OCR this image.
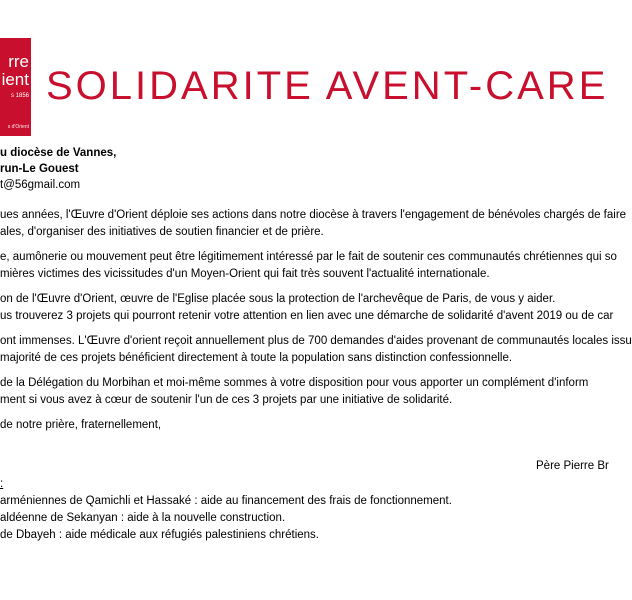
rre
ient
s 1856
s d'Orient
SOLIDARITE AVENT-CARE
u diocèse de Vannes,
run-Le Gouest
t@56gmail.com
ues années, l'Œuvre d'Orient déploie ses actions dans notre diocèse à travers l'engagement de bénévoles chargés de faire
ales, d'organiser des initiatives de soutien financier et de prière.
e, aumônerie ou mouvement peut être légitimement intéressé par le fait de soutenir ces communautés chrétiennes qui so
mières victimes des vicissitudes d'un Moyen-Orient qui fait très souvent l'actualité internationale.
on de l'Œuvre d'Orient, œuvre de l'Eglise placée sous la protection de l'archevêque de Paris, de vous y aider.
us trouverez 3 projets qui pourront retenir votre attention en lien avec une démarche de solidarité d'avent 2019 ou de car
ont immenses. L'Œuvre d'orient reçoit annuellement plus de 700 demandes d'aides provenant de communautés locales issu
majorité de ces projets bénéficient directement à toute la population sans distinction confessionnelle.
de la Délégation du Morbihan et moi-même sommes à votre disposition pour vous apporter un complément d'inform
ment si vous avez à cœur de soutenir l'un de ces 3 projets par une initiative de solidarité.
de notre prière, fraternellement,
Père Pierre Br
:
arméniennes de Qamichli et Hassaké : aide au financement des frais de fonctionnement.
aldéenne de Sekanyan : aide à la nouvelle construction.
de Dbayeh : aide médicale aux réfugiés palestiniens chrétiens.
